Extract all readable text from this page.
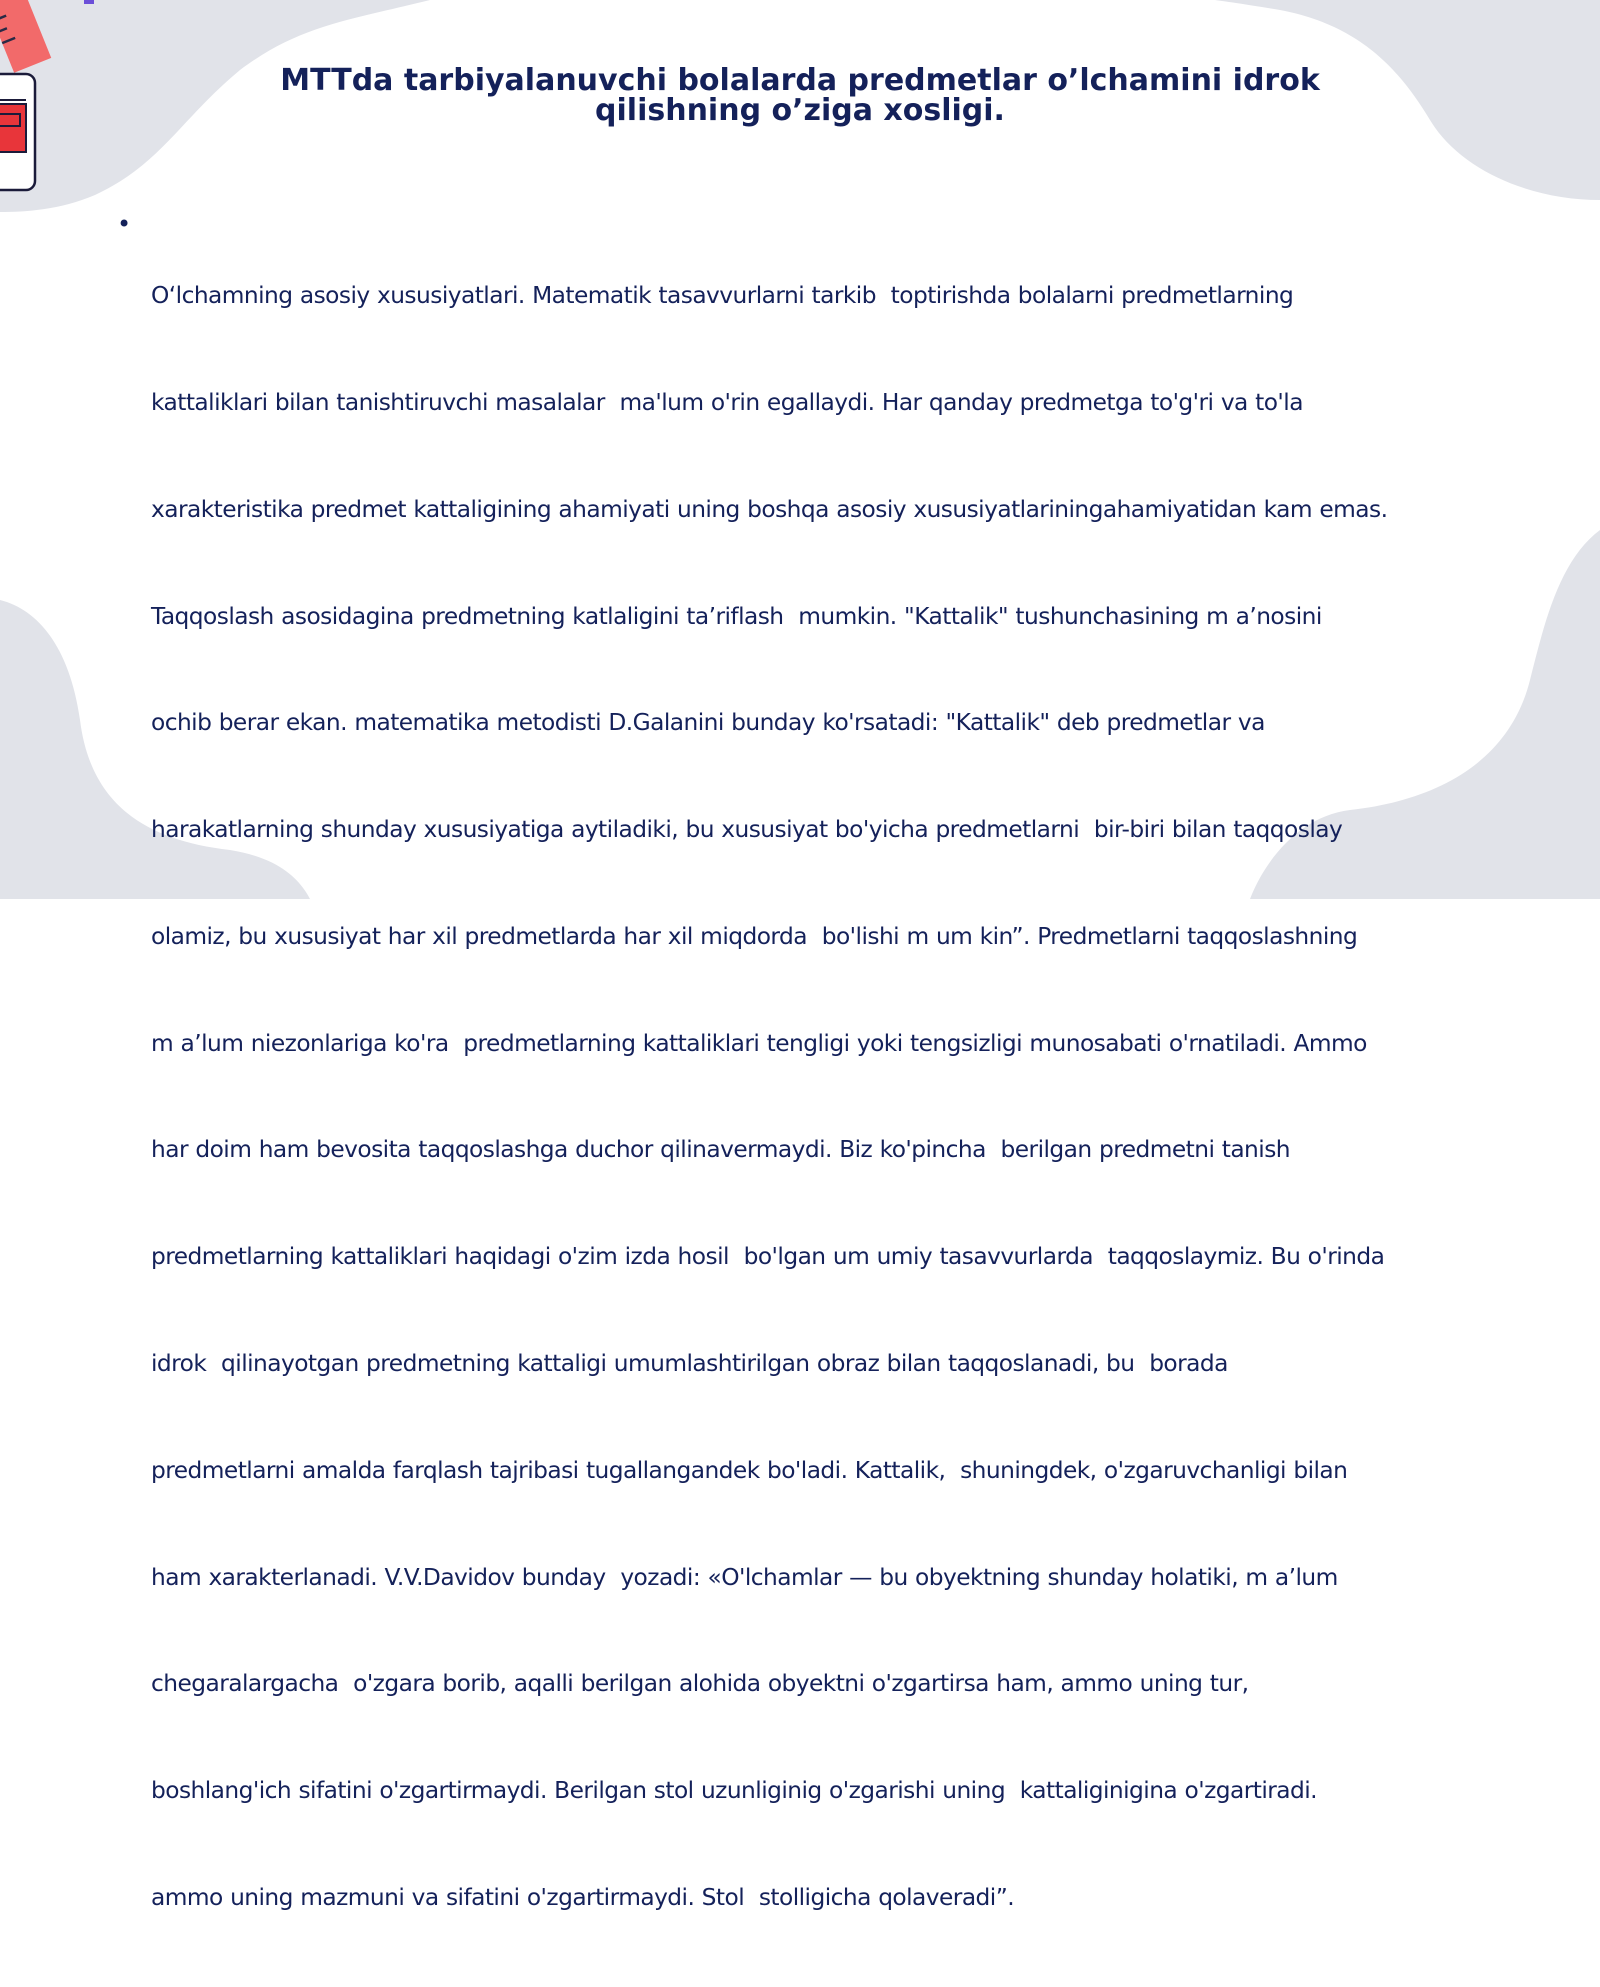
MTTda tarbiyalanuvchi bolalarda predmetlar o’lchamini idrok qilishning o’ziga xosligi.
•

Oʻlchamning asosiy xususiyatlari. Matematik tasavvurlarni tarkib  toptirishda bolalarni predmetlarning

kattaliklari bilan tanishtiruvchi masalalar  ma'lum o'rin egallaydi. Har qanday predmetga to'g'ri va to'la

xarakteristika predmet kattaligining ahamiyati uning boshqa asosiy xususiyatlariningahamiyatidan kam emas.

Taqqoslash asosidagina predmetning katlaligini ta’riflash  mumkin. "Kattalik" tushunchasining m a’nosini

ochib berar ekan. matematika metodisti D.Galanini bunday ko'rsatadi: "Kattalik" deb predmetlar va

harakatlarning shunday xususiyatiga aytiladiki, bu xususiyat bo'yicha predmetlarni  bir-biri bilan taqqoslay

olamiz, bu xususiyat har xil predmetlarda har xil miqdorda  bo'lishi m um kin”. Predmetlarni taqqoslashning

m a’lum niezonlariga ko'ra  predmetlarning kattaliklari tengligi yoki tengsizligi munosabati o'rnatiladi. Ammo

har doim ham bevosita taqqoslashga duchor qilinavermaydi. Biz ko'pincha  berilgan predmetni tanish

predmetlarning kattaliklari haqidagi o'zim izda hosil  bo'lgan um umiy tasavvurlarda  taqqoslaymiz. Bu o'rinda

idrok  qilinayotgan predmetning kattaligi umumlashtirilgan obraz bilan taqqoslanadi, bu  borada

predmetlarni amalda farqlash tajribasi tugallangandek bo'ladi. Kattalik,  shuningdek, o'zgaruvchanligi bilan

ham xarakterlanadi. V.V.Davidov bunday  yozadi: «O'lchamlar — bu obyektning shunday holatiki, m a’lum

chegaralargacha  o'zgara borib, aqalli berilgan alohida obyektni o'zgartirsa ham, ammo uning tur,

boshlang'ich sifatini o'zgartirmaydi. Berilgan stol uzunliginig o'zgarishi uning  kattaliginigina o'zgartiradi.

ammo uning mazmuni va sifatini o'zgartirmaydi. Stol  stolligicha qolaveradi”.
